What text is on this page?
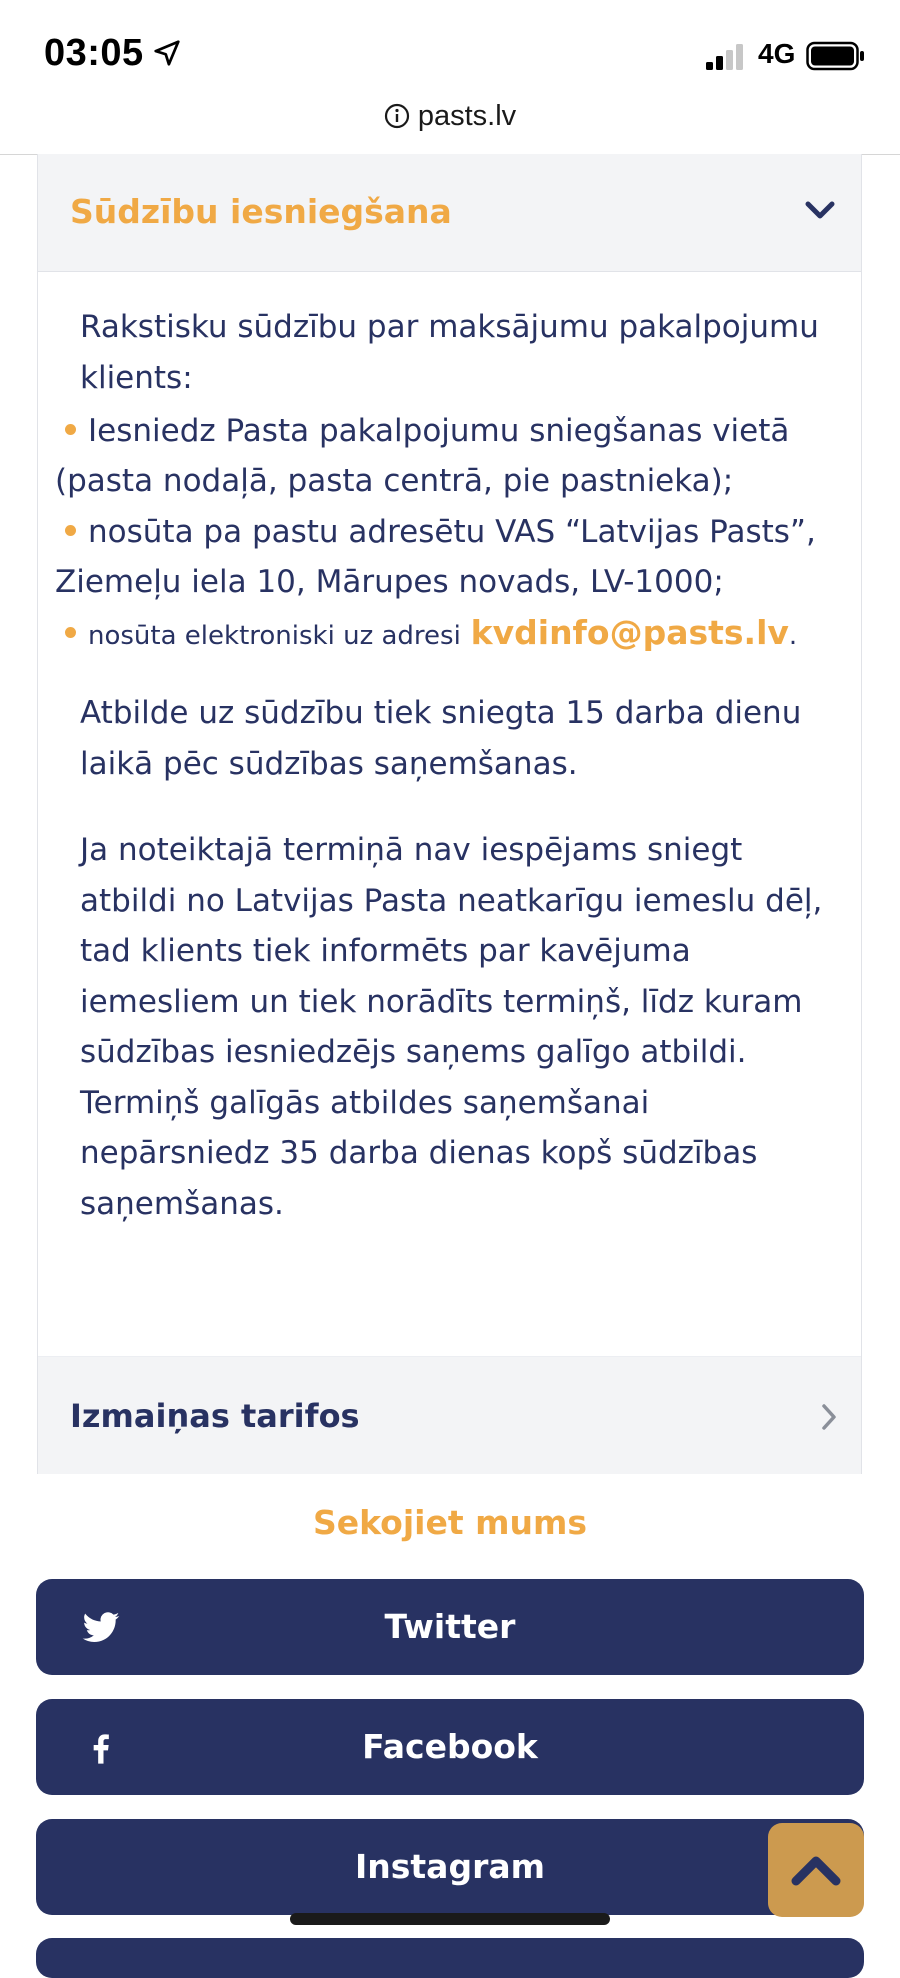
03:05	4G
pasts.lv
Sūdzību iesniegšana
Rakstisku sūdzību par maksājumu pakalpojumu klients:
Iesniedz Pasta pakalpojumu sniegšanas vietā (pasta nodaļā, pasta centrā, pie pastnieka);
nosūta pa pastu adresētu VAS “Latvijas Pasts”, Ziemeļu iela 10, Mārupes novads, LV-1000;
nosūta elektroniski uz adresi kvdinfo@pasts.lv.
Atbilde uz sūdzību tiek sniegta 15 darba dienu laikā pēc sūdzības saņemšanas.
Ja noteiktajā termiņā nav iespējams sniegt atbildi no Latvijas Pasta neatkarīgu iemeslu dēļ, tad klients tiek informēts par kavējuma iemesliem un tiek norādīts termiņš, līdz kuram sūdzības iesniedzējs saņems galīgo atbildi. Termiņš galīgās atbildes saņemšanai nepārsniedz 35 darba dienas kopš sūdzības saņemšanas.
Izmaiņas tarifos
Sekojiet mums
Twitter
Facebook
Instagram
